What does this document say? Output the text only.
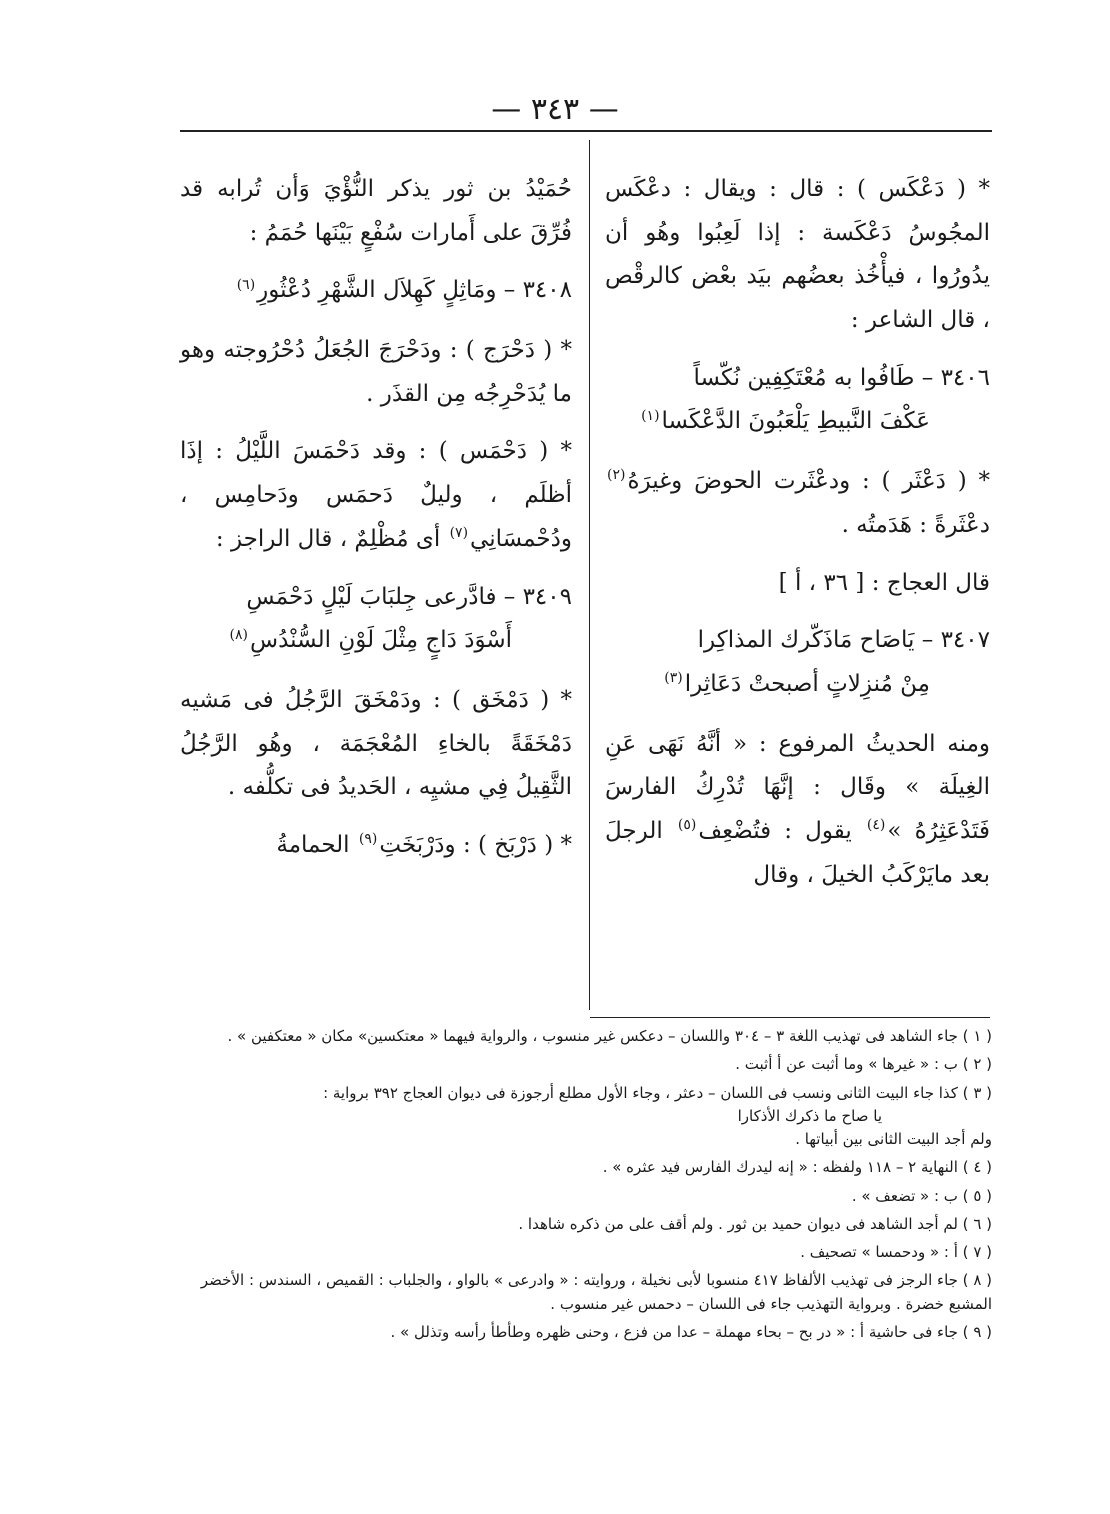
— ٣٤٣ —

* ( دَعْكَس ) : قال : ويقال : دعْكَس المجُوسُ دَعْكَسة : إذا لَعِبُوا وهُو أن يدُورُوا ، فيأْخُذ بعضُهم بيَد بعْض كالرقْص ، قال الشاعر :

٣٤٠٦ – طَافُوا به مُعْتَكِفِين نُكّساً
عَكْفَ النَّبيطِ يَلْعَبُونَ الدَّعْكَسا$^{(١)}$

* ( دَعْثَر ) : ودعْثَرت الحوضَ وغيرَهُ$^{(٢)}$ دعْثَرةً : هَدَمتُه .

قال العجاج : [ ٣٦ ، أ ]

٣٤٠٧ – يَاصَاح مَاذَكّرك المذاكِرا
مِنْ مُنزِلاتٍ أصبحتْ دَعَاثِرا$^{(٣)}$

ومنه الحديثُ المرفوع : « أنَّهُ نَهَى عَنِ الغِيلَة » وقَال : إنَّهَا تُدْرِكُ الفارسَ فَتَدْعَثِرُهُ »$^{(٤)}$ يقول : فتُضْعِف$^{(٥)}$ الرجلَ بعد مايَرْكَبُ الخيلَ ، وقال

حُمَيْدُ بن ثور يذكر النُّؤْيَ وَأن تُرابه قد فُرِّقَ على أَمارات سُفْعٍ بَيْنَها حُمَمُ :

٣٤٠٨ – ومَاثِلٍ كَهِلاَل الشَّهْرِ دُعْثُورِ$^{(٦)}$

* ( دَحْرَج ) : ودَحْرَجَ الجُعَلُ دُحْرُوجته وهو ما يُدَحْرِجُه مِن القذَر .

* ( دَحْمَس ) : وقد دَحْمَسَ اللَّيْلُ : إذَا أظلَم ، وليلٌ دَحمَس ودَحامِس ، ودُحْمسَانِي$^{(٧)}$ أى مُظْلِمٌ ، قال الراجز :

٣٤٠٩ – فادَّرعى جِلبَابَ لَيْلٍ دَحْمَسِ
أَسْوَدَ دَاجٍ مِثْلَ لَوْنِ السُّنْدُسِ$^{(٨)}$

* ( دَمْخَق ) : ودَمْخَقَ الرَّجُلُ فى مَشيه دَمْخَقَةً بالخاءِ المُعْجَمَة ، وهُو الرَّجُلُ الثَّقِيلُ فِي مشيِه ، الحَديدُ فى تكلُّفه .

* ( دَرْبَخ ) : ودَرْبَخَتِ$^{(٩)}$ الحمامةُ

( ١ ) جاء الشاهد فى تهذيب اللغة ٣ – ٣٠٤ واللسان – دعكس غير منسوب ، والرواية فيهما « معتكسين» مكان « معتكفين » .
( ٢ ) ب : « غيرها » وما أثبت عن أ أثبت .
( ٣ ) كذا جاء البيت الثانى ونسب فى اللسان – دعثر ، وجاء الأول مطلع أرجوزة فى ديوان العجاج ٣٩٢ برواية :
يا صاح ما ذكرك الأذكارا
ولم أجد البيت الثانى بين أبياتها .
( ٤ ) النهاية ٢ – ١١٨ ولفظه : « إنه ليدرك الفارس فيد عثره » .
( ٥ ) ب : « تضعف » .
( ٦ ) لم أجد الشاهد فى ديوان حميد بن ثور . ولم أقف على من ذكره شاهدا .
( ٧ ) أ : « ودحمسا » تصحيف .
( ٨ ) جاء الرجز فى تهذيب الألفاظ ٤١٧ منسوبا لأبى نخيلة ، وروايته : « وادرعى » بالواو ، والجلباب : القميص ، السندس : الأخضر المشبع خضرة . وبرواية التهذيب جاء فى اللسان – دحمس غير منسوب .
( ٩ ) جاء فى حاشية أ : « در بح – بحاء مهملة – عدا من فزع ، وحنى ظهره وطأطأ رأسه وتذلل » .
